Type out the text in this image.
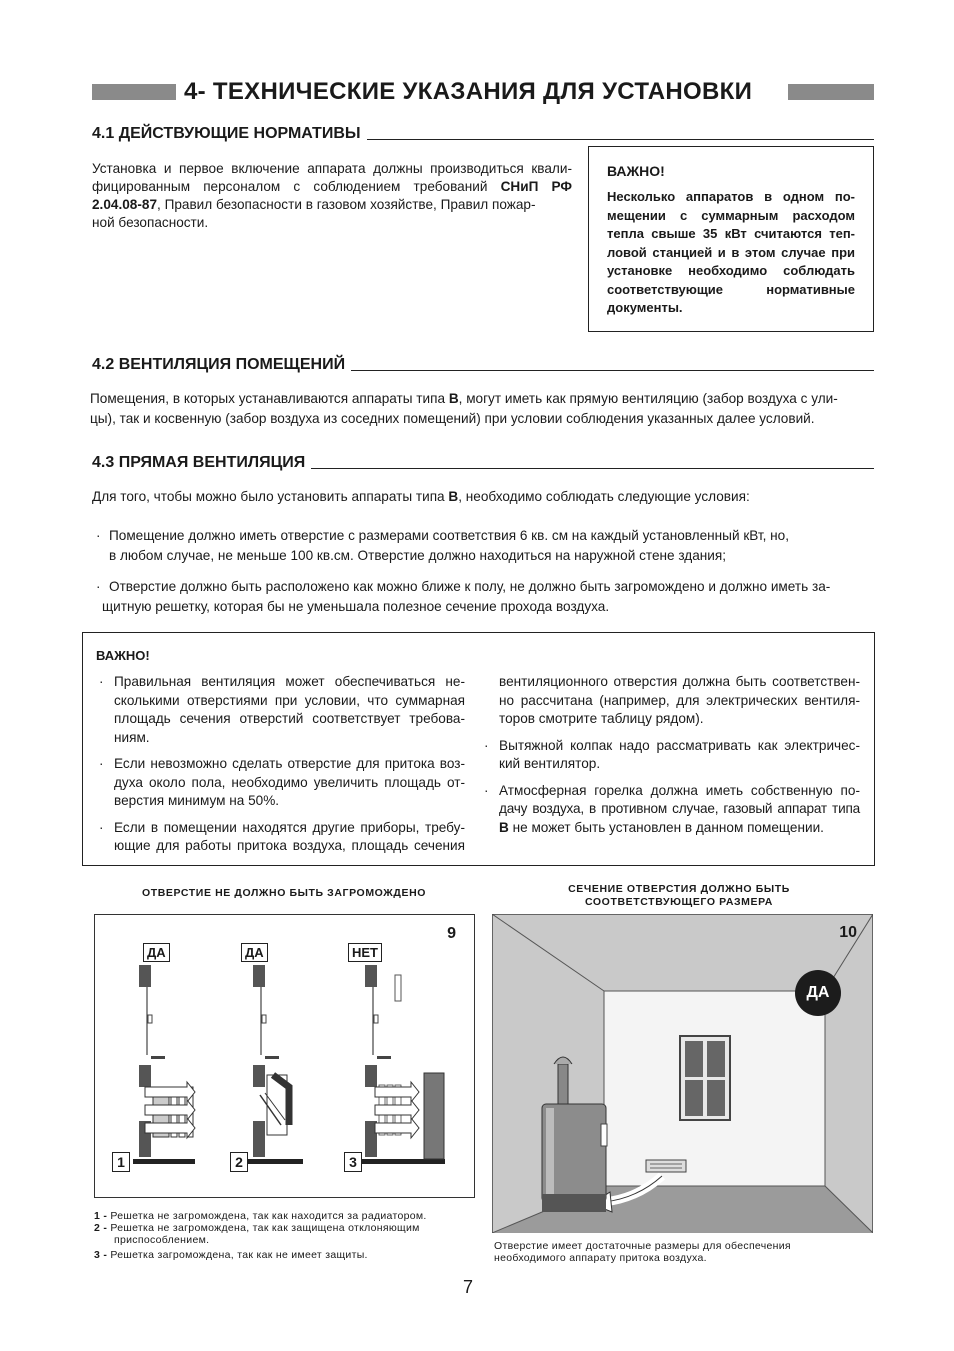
4- ТЕХНИЧЕСКИЕ УКАЗАНИЯ ДЛЯ УСТАНОВКИ
4.1 ДЕЙСТВУЮЩИЕ НОРМАТИВЫ
Установка и первое включение аппарата должны производиться квали-
фицированным персоналом с соблюдением требований СНиП РФ
2.04.08-87, Правил безопасности в газовом хозяйстве, Правил пожар-
ной безопасности.
ВАЖНО!
Несколько аппаратов в одном по-
мещении с суммарным расходом
тепла свыше 35 кВт считаются теп-
ловой станцией и в этом случае при
установке необходимо соблюдать
соответствующие нормативные
документы.
4.2 ВЕНТИЛЯЦИЯ ПОМЕЩЕНИЙ
Помещения, в которых устанавливаются аппараты типа B, могут иметь как прямую вентиляцию (забор воздуха с ули-
цы), так и косвенную (забор воздуха из соседних помещений) при условии соблюдения указанных далее условий.
4.3 ПРЯМАЯ ВЕНТИЛЯЦИЯ
Для того, чтобы можно было установить аппараты типа B, необходимо соблюдать следующие условия:
· Помещение должно иметь отверстие с размерами соответствия 6 кв. см на каждый установленный кВт, но,
в любом случае, не меньше 100 кв.см. Отверстие должно находиться на наружной стене здания;
· Отверстие должно быть расположено как можно ближе к полу, не должно быть загромождено и должно иметь за-
щитную решетку, которая бы не уменьшала полезное сечение прохода воздуха.
ВАЖНО!
· Правильная вентиляция может обеспечиваться не-
сколькими отверстиями при условии, что суммарная
площадь сечения отверстий соответствует требова-
ниям.
· Если невозможно сделать отверстие для притока воз-
духа около пола, необходимо увеличить площадь от-
верстия минимум на 50%.
· Если в помещении находятся другие приборы, требу-
ющие для работы притока воздуха, площадь сечения
вентиляционного отверстия должна быть соответствен-
но рассчитана (например, для электрических вентиля-
торов смотрите таблицу рядом).
· Вытяжной колпак надо рассматривать как электричес-
кий вентилятор.
· Атмосферная горелка должна иметь собственную по-
дачу воздуха, в противном случае, газовый аппарат типа
B не может быть установлен в данном помещении.
ОТВЕРСТИЕ НЕ ДОЛЖНО БЫТЬ ЗАГРОМОЖДЕНО
9
ДА	ДА	НЕТ
1	2	3
1 - Решетка не загромождена, так как находится за радиатором.
2 - Решетка не загромождена, так как защищена отклоняющим
приспособлением.
3 - Решетка загромождена, так как не имеет защиты.
СЕЧЕНИЕ ОТВЕРСТИЯ ДОЛЖНО БЫТЬ
СООТВЕТСТВУЮЩЕГО РАЗМЕРА
10
ДА
Отверстие имеет достаточные размеры для обеспечения
необходимого аппарату притока воздуха.
7
